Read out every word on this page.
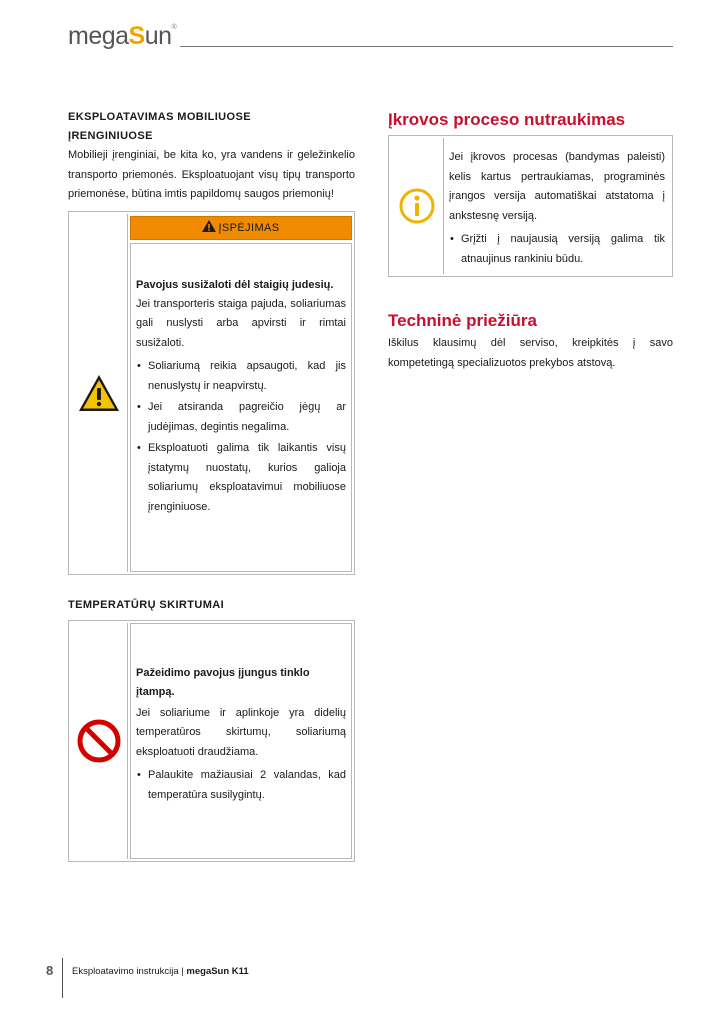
megaSun®

EKSPLOATAVIMAS MOBILIUOSE
ĮRENGINIUOSE

Mobilieji įrenginiai, be kita ko, yra vandens ir geležinkelio transporto priemonės. Eksploatuojant visų tipų transporto priemonėse, būtina imtis papildomų saugos priemonių!

ĮSPĖJIMAS

Pavojus susižaloti dėl staigių judesių.

Jei transporteris staiga pajuda, soliariumas gali nuslysti arba apvirsti ir rimtai susižaloti.

• Soliariumą reikia apsaugoti, kad jis nenuslystų ir neapvirstų.
• Jei atsiranda pagreičio jėgų ar judėjimas, degintis negalima.
• Eksploatuoti galima tik laikantis visų įstatymų nuostatų, kurios galioja soliariumų eksploatavimui mobiliuose įrenginiuose.

TEMPERATŪRŲ SKIRTUMAI

Pažeidimo pavojus įjungus tinklo įtampą.

Jei soliariume ir aplinkoje yra didelių temperatūros skirtumų, soliariumą eksploatuoti draudžiama.

• Palaukite mažiausiai 2 valandas, kad temperatūra susilygintų.

Įkrovos proceso nutraukimas

Jei įkrovos procesas (bandymas paleisti) kelis kartus pertraukiamas, programinės įrangos versija automatiškai atstatoma į ankstesnę versiją.

• Grįžti į naujausią versiją galima tik atnaujinus rankiniu būdu.

Techninė priežiūra

Iškilus klausimų dėl serviso, kreipkitės į savo kompetetingą specializuotos prekybos atstovą.

8 Eksploatavimo instrukcija | megaSun K11
